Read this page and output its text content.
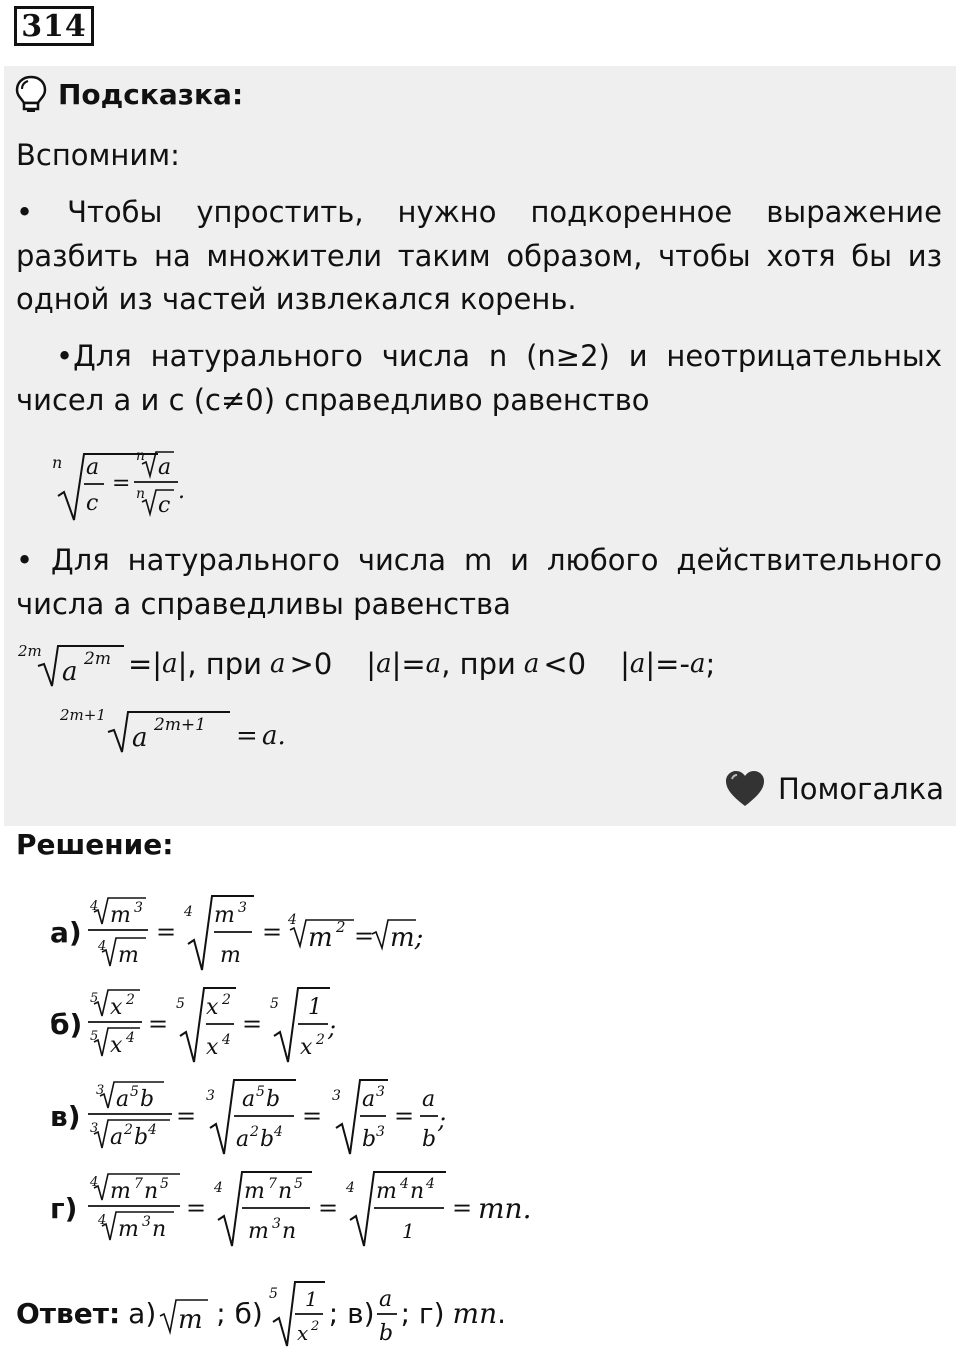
314
Подсказка:
Вспомним:
• Чтобы упростить, нужно подкоренное выражение
разбить на множители таким образом, чтобы хотя бы из
одной из частей извлекался корень.
•Для натурального числа n (n≥2) и неотрицательных
чисел a и c (c≠0) справедливо равенство
n a
c
=
n a
n c
.
• Для натурального числа m и любого действительного
числа a справедливы равенства
2m
a 2m =| a |, при a >0 | a |= a , при a <0 | a |=- a ;
2m+1
a 2m+1 = a.
Помогалка
Решение:
а)
4 m 3
4 m
=
4 m 3
m
= 4
m 2 = m;
б)
5 x 2
5 x 4 =
5 x 2
x 4
=
5 1
x 2 ;
в)
3 a 5 b
3 a 2 b 4 =
3 a 5 b
a 2 b 4
=
3 a 3
b 3
=
a
b
;
г)
4 m 7 n 5
4 m 3 n
=
4 m 7 n 5
m 3 n
=
4 m 4 n 4
1
= mn.
Ответ: а) m ; б)
5 1
x 2 ; в) a
b
; г) mn .
